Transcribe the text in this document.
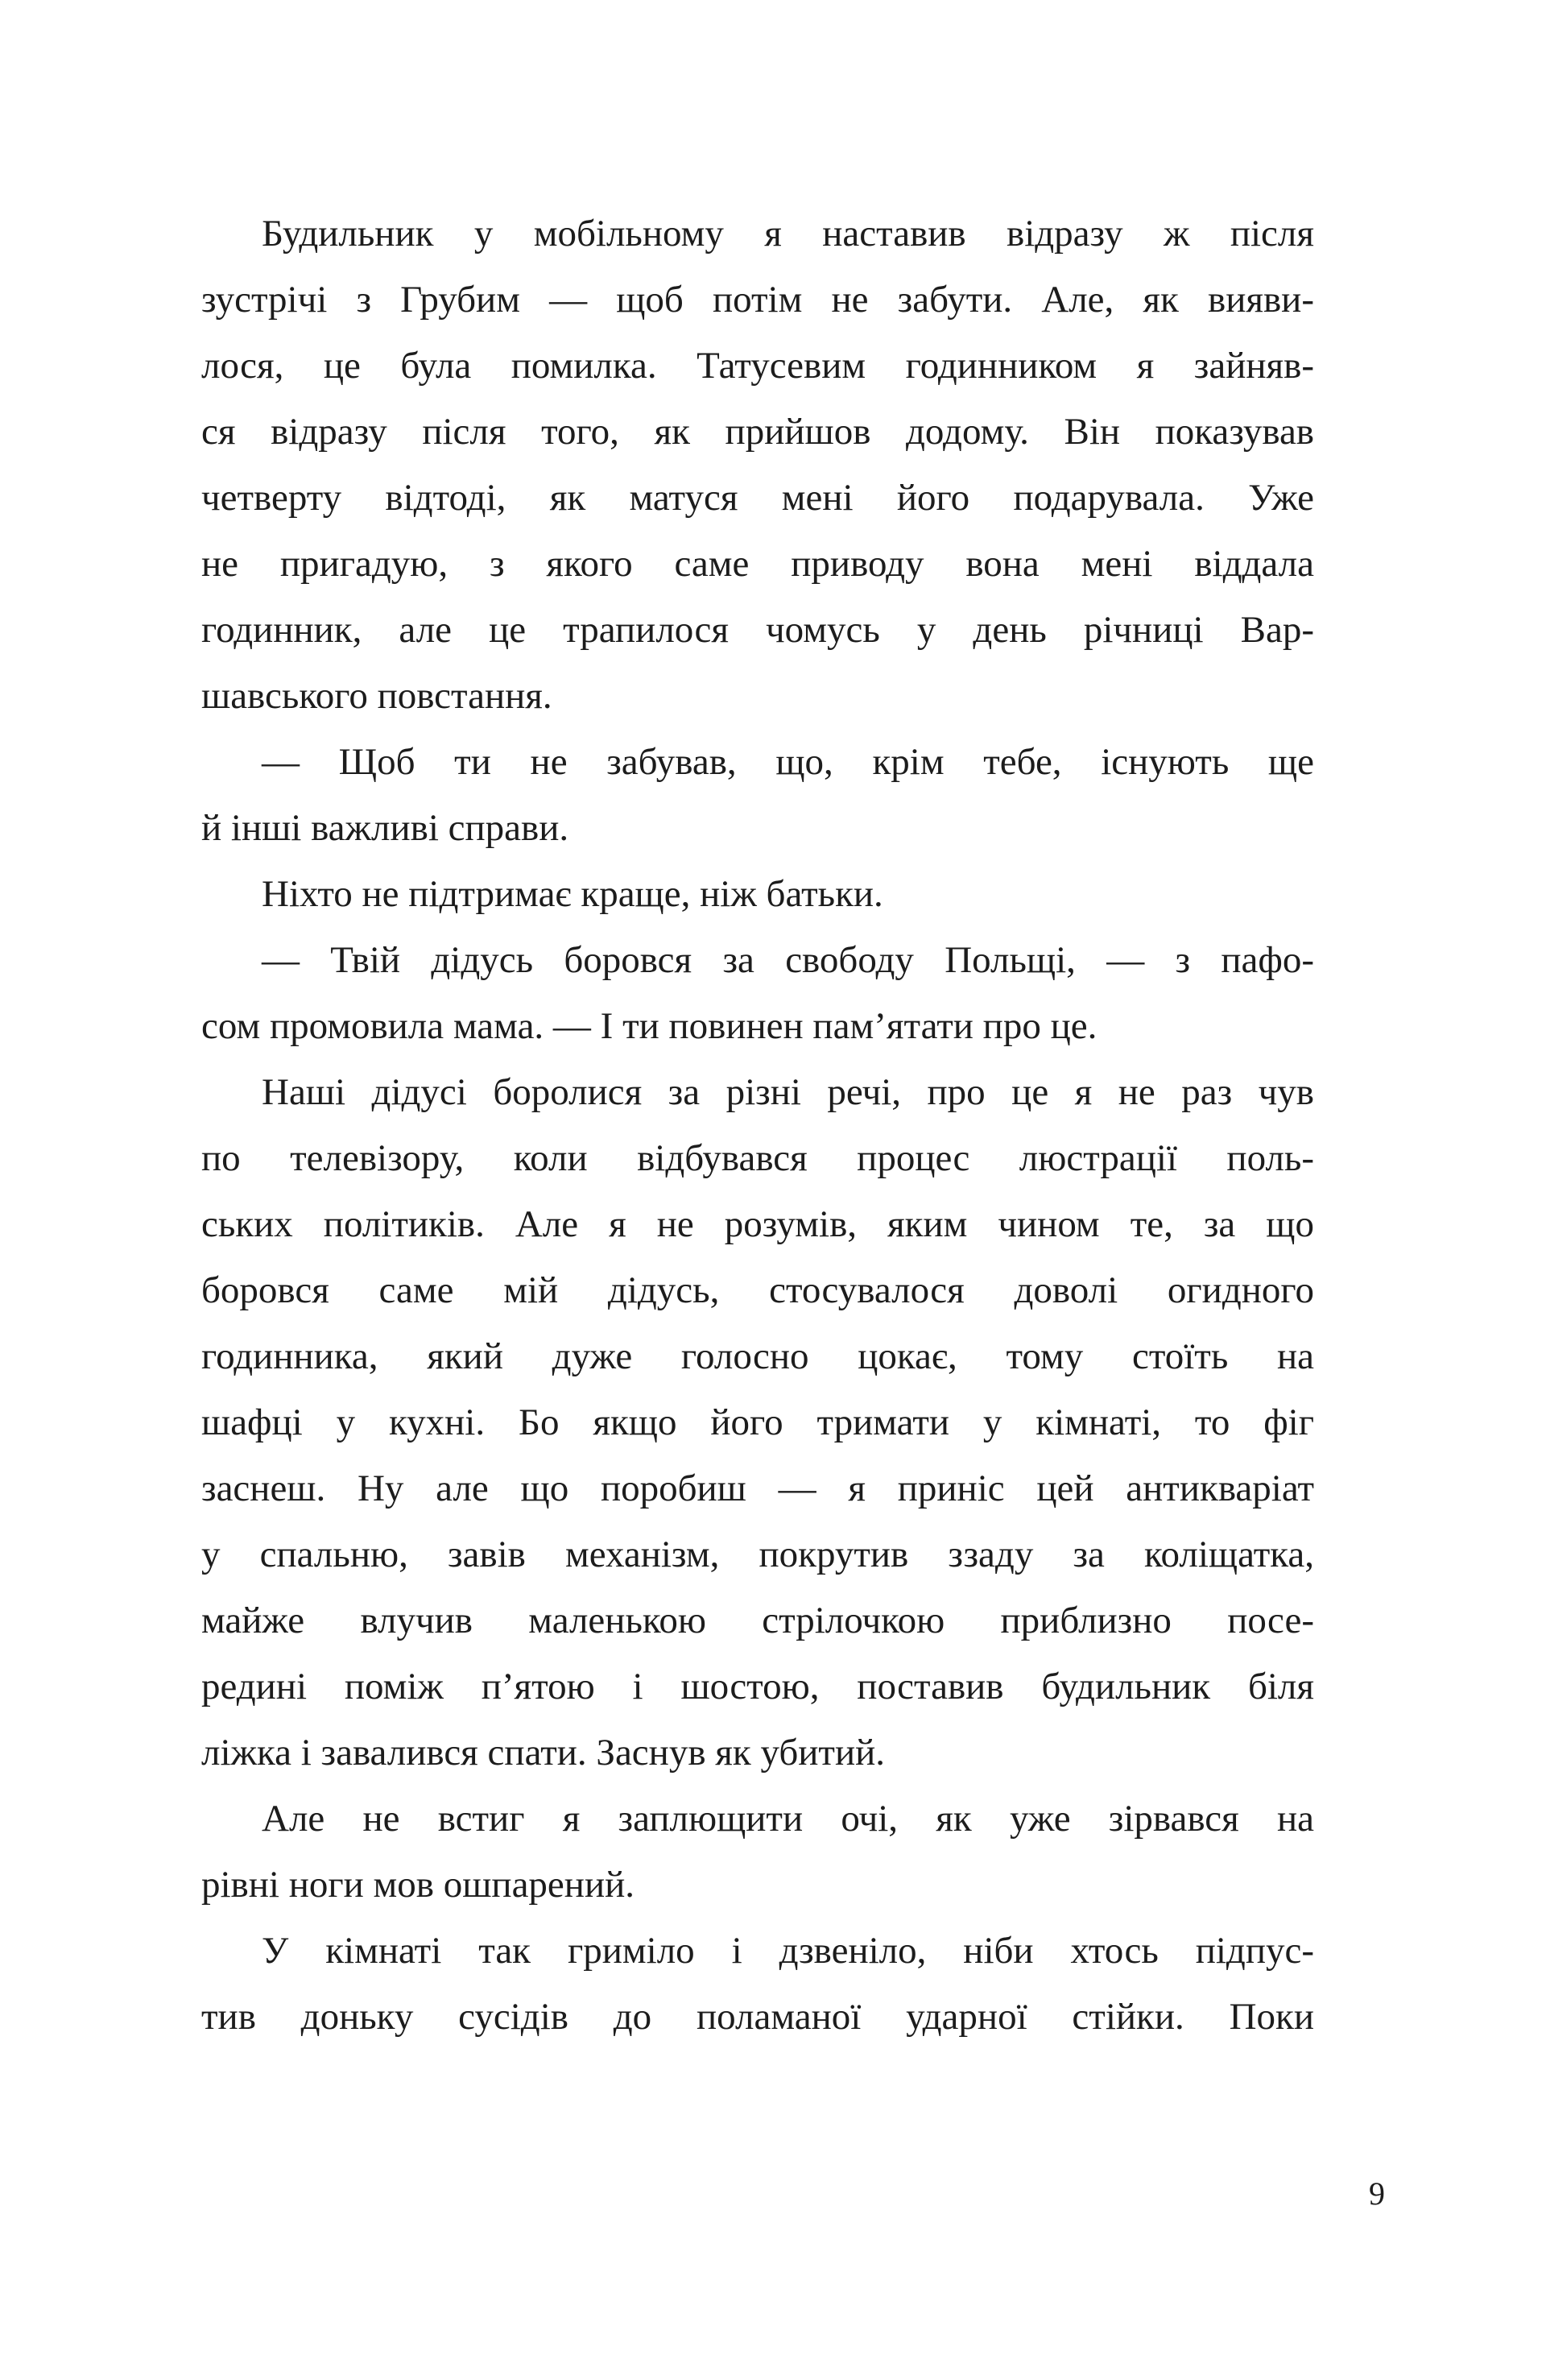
Будильник у мобільному я наставив відразу ж після
зустрічі з Грубим — щоб потім не забути. Але, як вияви-
лося, це була помилка. Татусевим годинником я зайняв-
ся відразу після того, як прийшов додому. Він показував
четверту відтоді, як матуся мені його подарувала. Уже
не пригадую, з якого саме приводу вона мені віддала
годинник, але це трапилося чомусь у день річниці Вар-
шавського повстання.
— Щоб ти не забував, що, крім тебе, існують ще
й інші важливі справи.
Ніхто не підтримає краще, ніж батьки.
— Твій дідусь боровся за свободу Польщі, — з пафо-
сом промовила мама. — І ти повинен пам’ятати про це.
Наші дідусі боролися за різні речі, про це я не раз чув
по телевізору, коли відбувався процес люстрації поль-
ських політиків. Але я не розумів, яким чином те, за що
боровся саме мій дідусь, стосувалося доволі огидного
годинника, який дуже голосно цокає, тому стоїть на
шафці у кухні. Бо якщо його тримати у кімнаті, то фіг
заснеш. Ну але що поробиш — я приніс цей антикваріат
у спальню, завів механізм, покрутив ззаду за коліщатка,
майже влучив маленькою стрілочкою приблизно посе-
редині поміж п’ятою і шостою, поставив будильник біля
ліжка і завалився спати. Заснув як убитий.
Але не встиг я заплющити очі, як уже зірвався на
рівні ноги мов ошпарений.
У кімнаті так гриміло і дзвеніло, ніби хтось підпус-
тив доньку сусідів до поламаної ударної стійки. Поки
9
